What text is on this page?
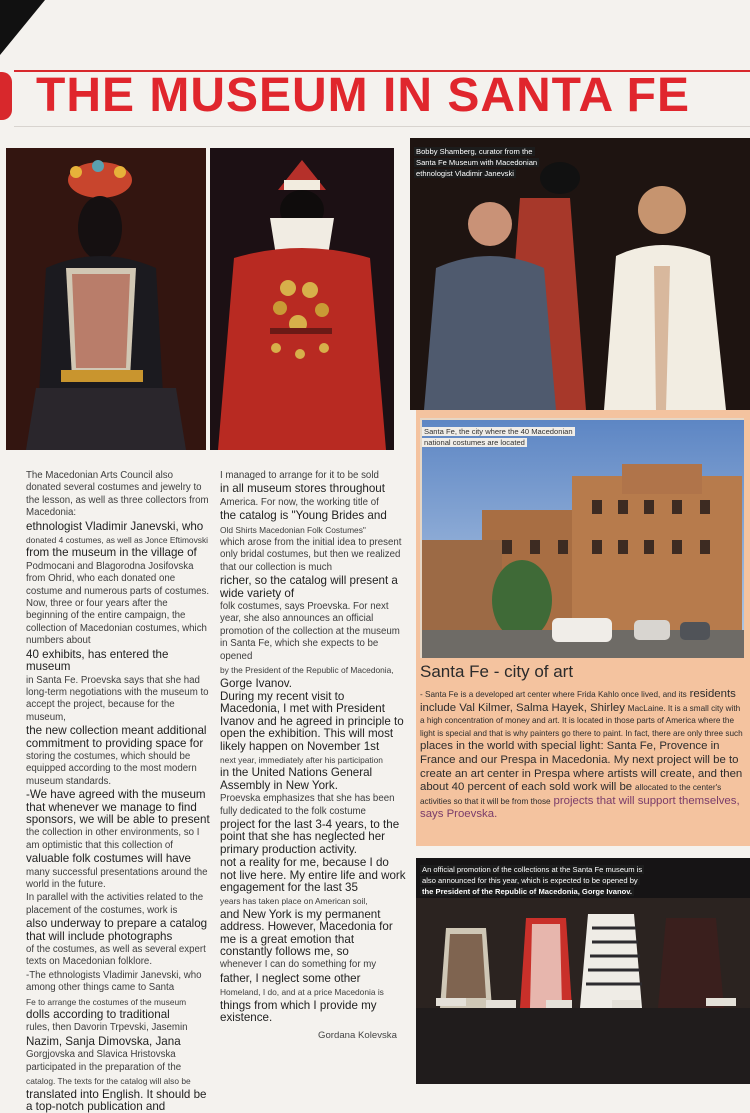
THE MUSEUM IN SANTA FE
Bobby Shamberg, curator from the
Santa Fe Museum with Macedonian
ethnologist Vladimir Janevski
Santa Fe, the city where the 40 Macedonian
national costumes are located
Santa Fe - city of art
- Santa Fe is a developed art center where Frida Kahlo once lived, and its residents include Val Kilmer, Salma Hayek, Shirley MacLaine. It is a small city with a high concentration of money and art. It is located in those parts of America where the light is special and that is why painters go there to paint. In fact, there are only three such places in the world with special light: Santa Fe, Provence in France and our Prespa in Macedonia. My next project will be to create an art center in Prespa where artists will create, and then about 40 percent of each sold work will be allocated to the center's activities so that it will be from those projects that will support themselves, says Proevska.
An official promotion of the collections at the Santa Fe museum is
also announced for this year, which is expected to be opened by
the President of the Republic of Macedonia, Gorge Ivanov.

The Macedonian Arts Council also donated several costumes and jewelry to the lesson, as well as three collectors from Macedonia:

ethnologist Vladimir Janevski, who

donated 4 costumes, as well as Jonce Eftimovski

from the museum in the village of

Podmocani and Blagorodna Josifovska from Ohrid, who each donated one costume and numerous parts of costumes. Now, three or four years after the beginning of the entire campaign, the collection of Macedonian costumes, which numbers about

40 exhibits, has entered the museum

in Santa Fe. Proevska says that she had long-term negotiations with the museum to accept the project, because for the museum,

the new collection meant additional commitment to providing space for

storing the costumes, which should be equipped according to the most modern museum standards.

-We have agreed with the museum that whenever we manage to find sponsors, we will be able to present

the collection in other environments, so I am optimistic that this collection of

valuable folk costumes will have

many successful presentations around the world in the future.

In parallel with the activities related to the placement of the costumes, work is

also underway to prepare a catalog that will include photographs

of the costumes, as well as several expert texts on Macedonian folklore.

-The ethnologists Vladimir Janevski, who among other things came to Santa

Fe to arrange the costumes of the museum

dolls according to traditional

rules, then Davorin Trpevski, Jasemin

Nazim, Sanja Dimovska, Jana

Gorgjovska and Slavica Hristovska participated in the preparation of the

catalog. The texts for the catalog will also be

translated into English. It should be a top-notch publication and

I managed to arrange for it to be sold

in all museum stores throughout

America. For now, the working title of

the catalog is "Young Brides and

Old Shirts Macedonian Folk Costumes"

which arose from the initial idea to present only bridal costumes, but then we realized that our collection is much

richer, so the catalog will present a wide variety of

folk costumes, says Proevska. For next year, she also announces an official promotion of the collection at the museum in Santa Fe, which she expects to be opened

by the President of the Republic of Macedonia,

Gorge Ivanov.

During my recent visit to Macedonia, I met with President Ivanov and he agreed in principle to open the exhibition. This will most likely happen on November 1st

next year, immediately after his participation

in the United Nations General Assembly in New York.

Proevska emphasizes that she has been fully dedicated to the folk costume

project for the last 3-4 years, to the point that she has neglected her primary production activity.

not a reality for me, because I do not live here. My entire life and work engagement for the last 35

years has taken place on American soil,

and New York is my permanent address. However, Macedonia for me is a great emotion that constantly follows me, so

whenever I can do something for my

father, I neglect some other

Homeland, I do, and at a price Macedonia is

things from which I provide my existence.

Gordana Kolevska
